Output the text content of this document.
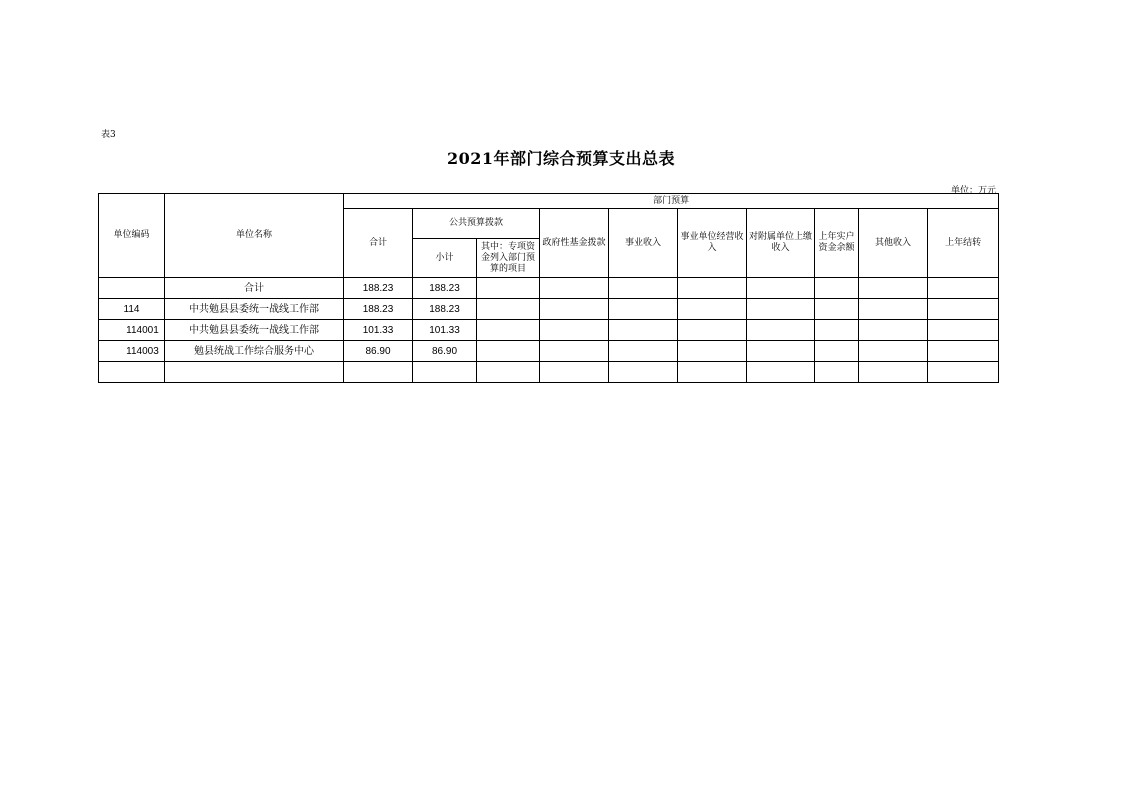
表3
2021年部门综合预算支出总表
单位：万元
单位编码	单位名称	部门预算									
		合计	公共预算拨款		政府性基金拨款	事业收入	事业单位经营收入	对附属单位上缴收入	上年实户资金余额	其他收入	上年结转
			小计	其中：专项资金列入部门预算的项目							
	合计	188.23	188.23								
114	中共勉县县委统一战线工作部	188.23	188.23								
114001	中共勉县县委统一战线工作部	101.33	101.33								
114003	勉县统战工作综合服务中心	86.90	86.90								
